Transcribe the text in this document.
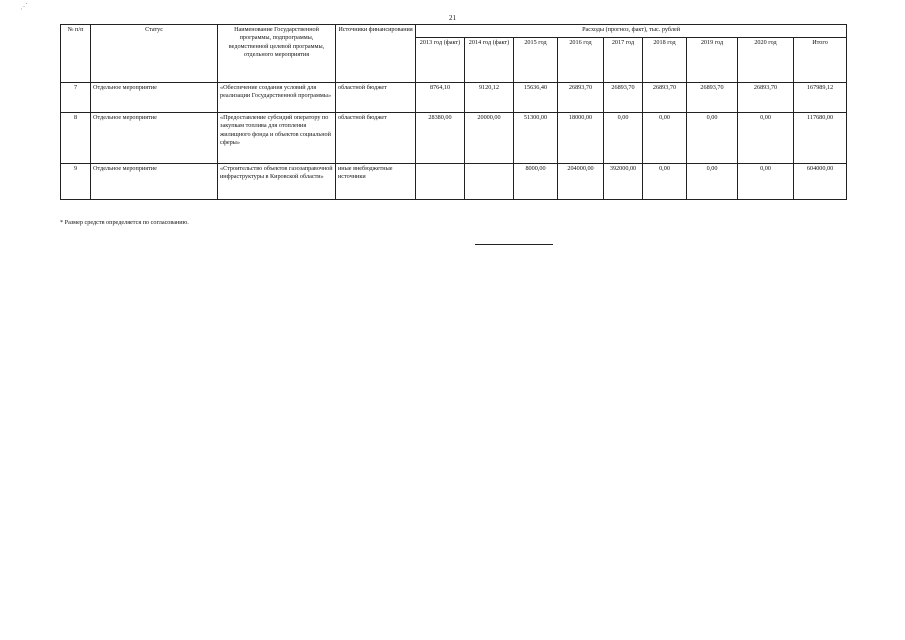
⋰
21
№ п/п	Статус	Наименование Государственной программы, подпрограммы, ведомственной целевой программы, отдельного мероприятия	Источники финансирования	Расходы (прогноз, факт), тыс. рублей								
				2013 год (факт)	2014 год (факт)	2015 год	2016 год	2017 год	2018 год	2019 год	2020 год	Итого
7	Отдельное мероприятие	«Обеспечение создания условий для реализации Государственной программы»	областной бюджет	8764,10	9120,12	15636,40	26893,70	26893,70	26893,70	26893,70	26893,70	167989,12
8	Отдельное мероприятие	«Предоставление субсидий оператору по закупкам топлива для отопления жилищного фонда и объектов социальной сферы»	областной бюджет	28380,00	20000,00	51300,00	18000,00	0,00	0,00	0,00	0,00	117680,00
9	Отдельное мероприятие	«Строительство объектов газозаправочной инфраструктуры в Кировской области»	иные внебюджетные источники			8000,00	204000,00	392000,00	0,00	0,00	0,00	604000,00
* Размер средств определяется по согласованию.
